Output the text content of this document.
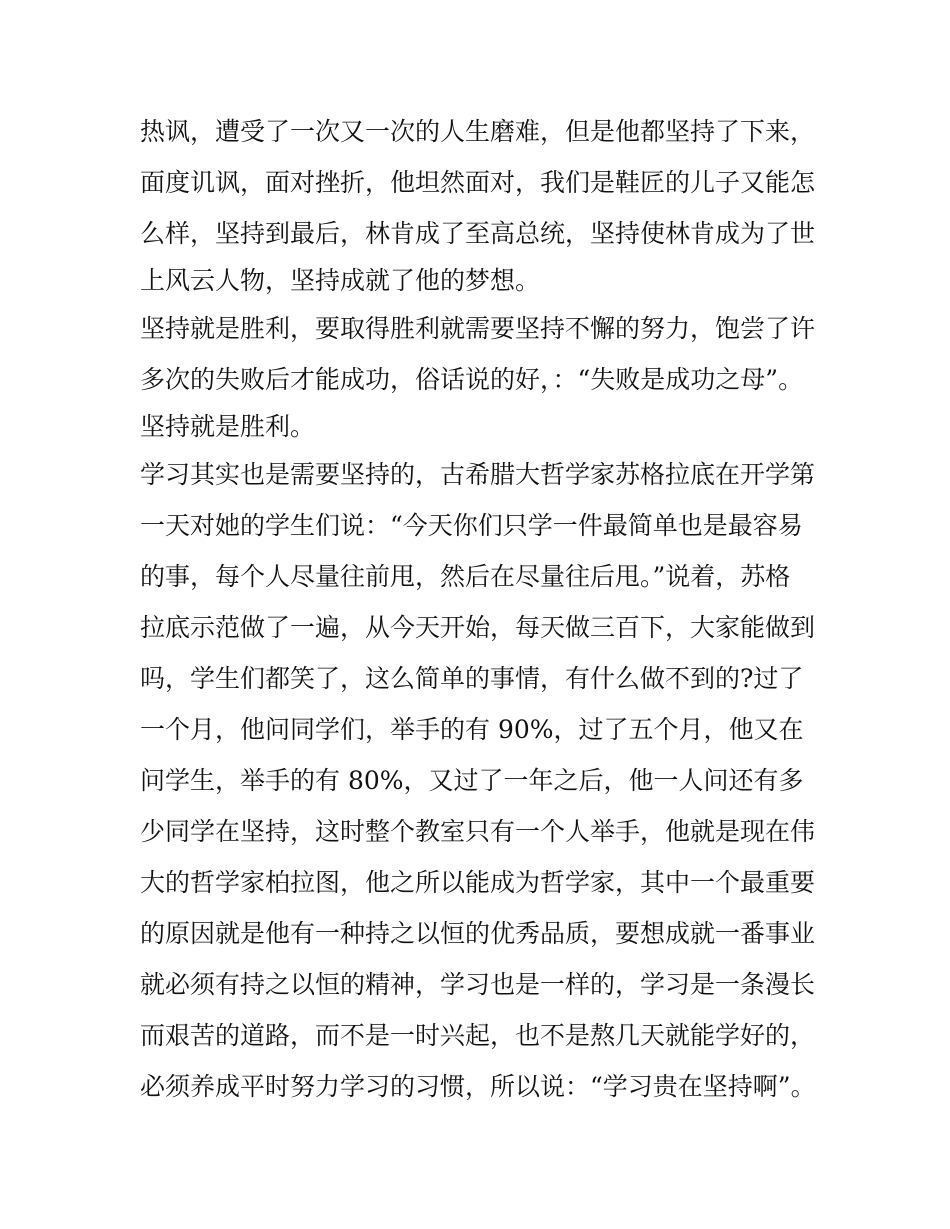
热讽，遭受了一次又一次的人生磨难，但是他都坚持了下来，
面度讥讽，面对挫折，他坦然面对，我们是鞋匠的儿子又能怎
么样，坚持到最后，林肯成了至高总统，坚持使林肯成为了世
上风云人物，坚持成就了他的梦想。
坚持就是胜利，要取得胜利就需要坚持不懈的努力，饱尝了许
多次的失败后才能成功，俗话说的好，：“失败是成功之母”。
坚持就是胜利。
学习其实也是需要坚持的，古希腊大哲学家苏格拉底在开学第
一天对她的学生们说：“今天你们只学一件最简单也是最容易
的事，每个人尽量往前甩，然后在尽量往后甩。”说着，苏格
拉底示范做了一遍，从今天开始，每天做三百下，大家能做到
吗，学生们都笑了，这么简单的事情，有什么做不到的?过了
一个月，他问同学们，举手的有 90%，过了五个月，他又在
问学生，举手的有 80%，又过了一年之后，他一人问还有多
少同学在坚持，这时整个教室只有一个人举手，他就是现在伟
大的哲学家柏拉图，他之所以能成为哲学家，其中一个最重要
的原因就是他有一种持之以恒的优秀品质，要想成就一番事业
就必须有持之以恒的精神，学习也是一样的，学习是一条漫长
而艰苦的道路，而不是一时兴起，也不是熬几天就能学好的，
必须养成平时努力学习的习惯，所以说：“学习贵在坚持啊”。
